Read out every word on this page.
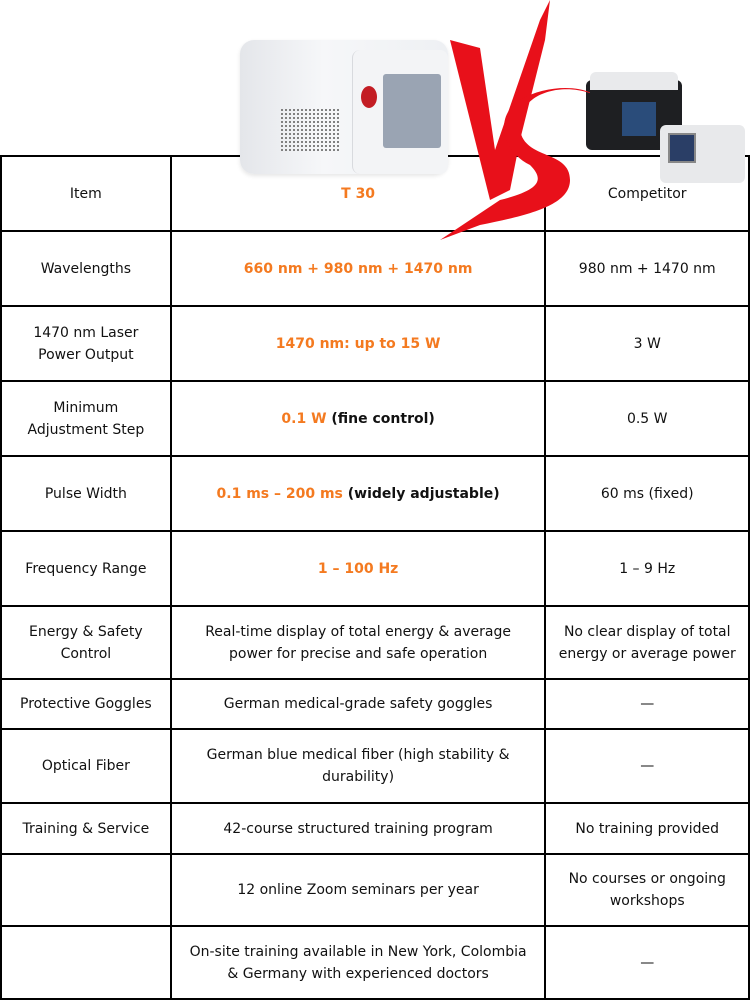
Item	T 30	Competitor
Wavelengths	660 nm + 980 nm + 1470 nm	980 nm + 1470 nm
1470 nm Laser Power Output	1470 nm: up to 15 W	3 W
Minimum Adjustment Step	0.1 W (fine control)	0.5 W
Pulse Width	0.1 ms – 200 ms (widely adjustable)	60 ms (fixed)
Frequency Range	1 – 100 Hz	1 – 9 Hz
Energy & Safety Control	Real-time display of total energy & average power for precise and safe operation	No clear display of total energy or average power
Protective Goggles	German medical-grade safety goggles	—
Optical Fiber	German blue medical fiber (high stability & durability)	—
Training & Service	42-course structured training program	No training provided
	12 online Zoom seminars per year	No courses or ongoing workshops
	On-site training available in New York, Colombia & Germany with experienced doctors	—
